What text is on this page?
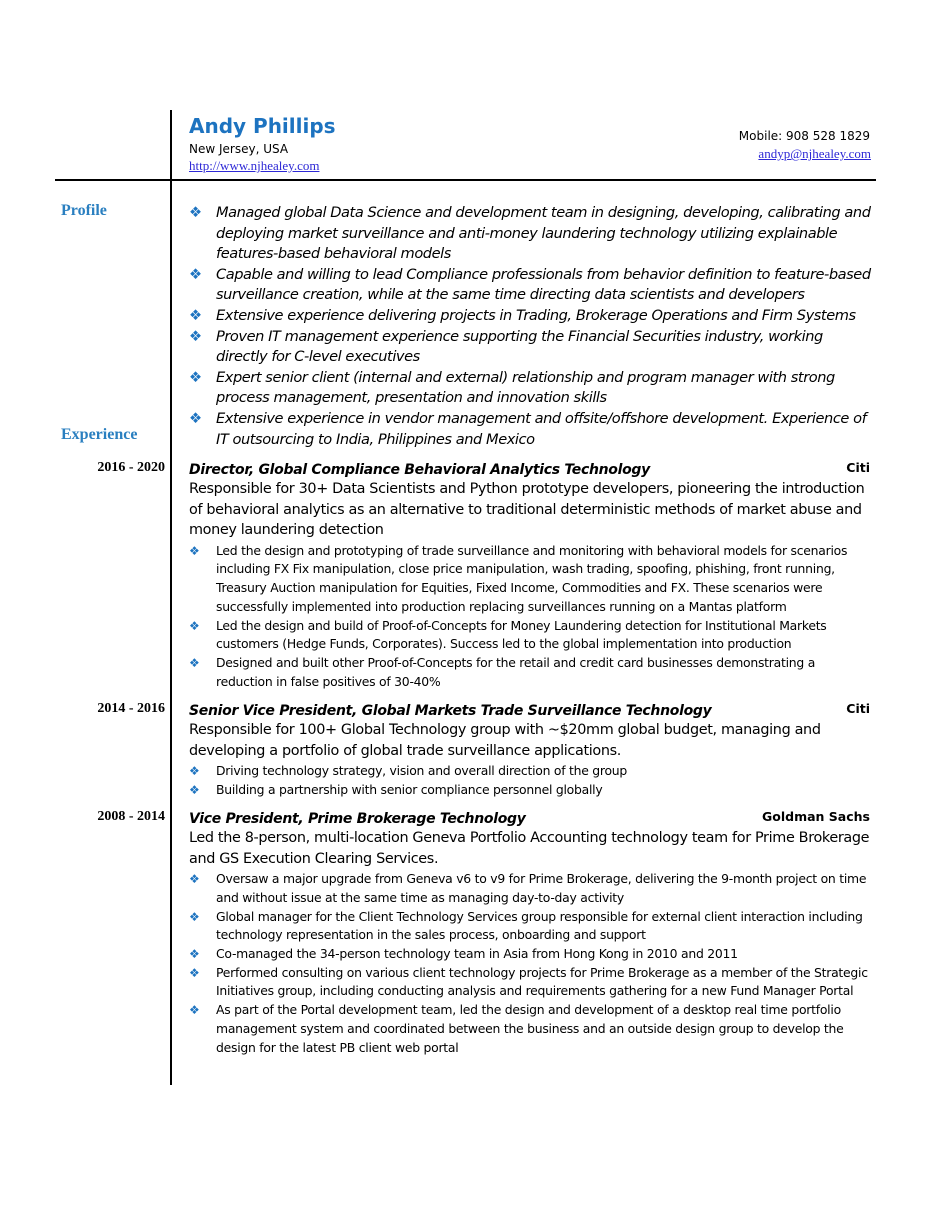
Andy Phillips
New Jersey, USA
http://www.njhealey.com
Mobile: 908 528 1829
andyp@njhealey.com
Profile
Experience
❖ Managed global Data Science and development team in designing, developing, calibrating and deploying market surveillance and anti-money laundering technology utilizing explainable features-based behavioral models
❖ Capable and willing to lead Compliance professionals from behavior definition to feature-based surveillance creation, while at the same time directing data scientists and developers
❖ Extensive experience delivering projects in Trading, Brokerage Operations and Firm Systems
❖ Proven IT management experience supporting the Financial Securities industry, working directly for C-level executives
❖ Expert senior client (internal and external) relationship and program manager with strong process management, presentation and innovation skills
❖ Extensive experience in vendor management and offsite/offshore development. Experience of IT outsourcing to India, Philippines and Mexico
2016 - 2020 Director, Global Compliance Behavioral Analytics Technology	Citi

Responsible for 30+ Data Scientists and Python prototype developers, pioneering the introduction of behavioral analytics as an alternative to traditional deterministic methods of market abuse and money laundering detection

❖ Led the design and prototyping of trade surveillance and monitoring with behavioral models for scenarios including FX Fix manipulation, close price manipulation, wash trading, spoofing, phishing, front running, Treasury Auction manipulation for Equities, Fixed Income, Commodities and FX. These scenarios were successfully implemented into production replacing surveillances running on a Mantas platform
❖ Led the design and build of Proof-of-Concepts for Money Laundering detection for Institutional Markets customers (Hedge Funds, Corporates). Success led to the global implementation into production
❖ Designed and built other Proof-of-Concepts for the retail and credit card businesses demonstrating a reduction in false positives of 30-40%
2014 - 2016 Senior Vice President, Global Markets Trade Surveillance Technology	Citi

Responsible for 100+ Global Technology group with ~$20mm global budget, managing and developing a portfolio of global trade surveillance applications.

❖ Driving technology strategy, vision and overall direction of the group
❖ Building a partnership with senior compliance personnel globally
2008 - 2014 Vice President, Prime Brokerage Technology	Goldman Sachs

Led the 8-person, multi-location Geneva Portfolio Accounting technology team for Prime Brokerage and GS Execution Clearing Services.

❖ Oversaw a major upgrade from Geneva v6 to v9 for Prime Brokerage, delivering the 9-month project on time and without issue at the same time as managing day-to-day activity
❖ Global manager for the Client Technology Services group responsible for external client interaction including technology representation in the sales process, onboarding and support
❖ Co-managed the 34-person technology team in Asia from Hong Kong in 2010 and 2011
❖ Performed consulting on various client technology projects for Prime Brokerage as a member of the Strategic Initiatives group, including conducting analysis and requirements gathering for a new Fund Manager Portal
❖ As part of the Portal development team, led the design and development of a desktop real time portfolio management system and coordinated between the business and an outside design group to develop the design for the latest PB client web portal
